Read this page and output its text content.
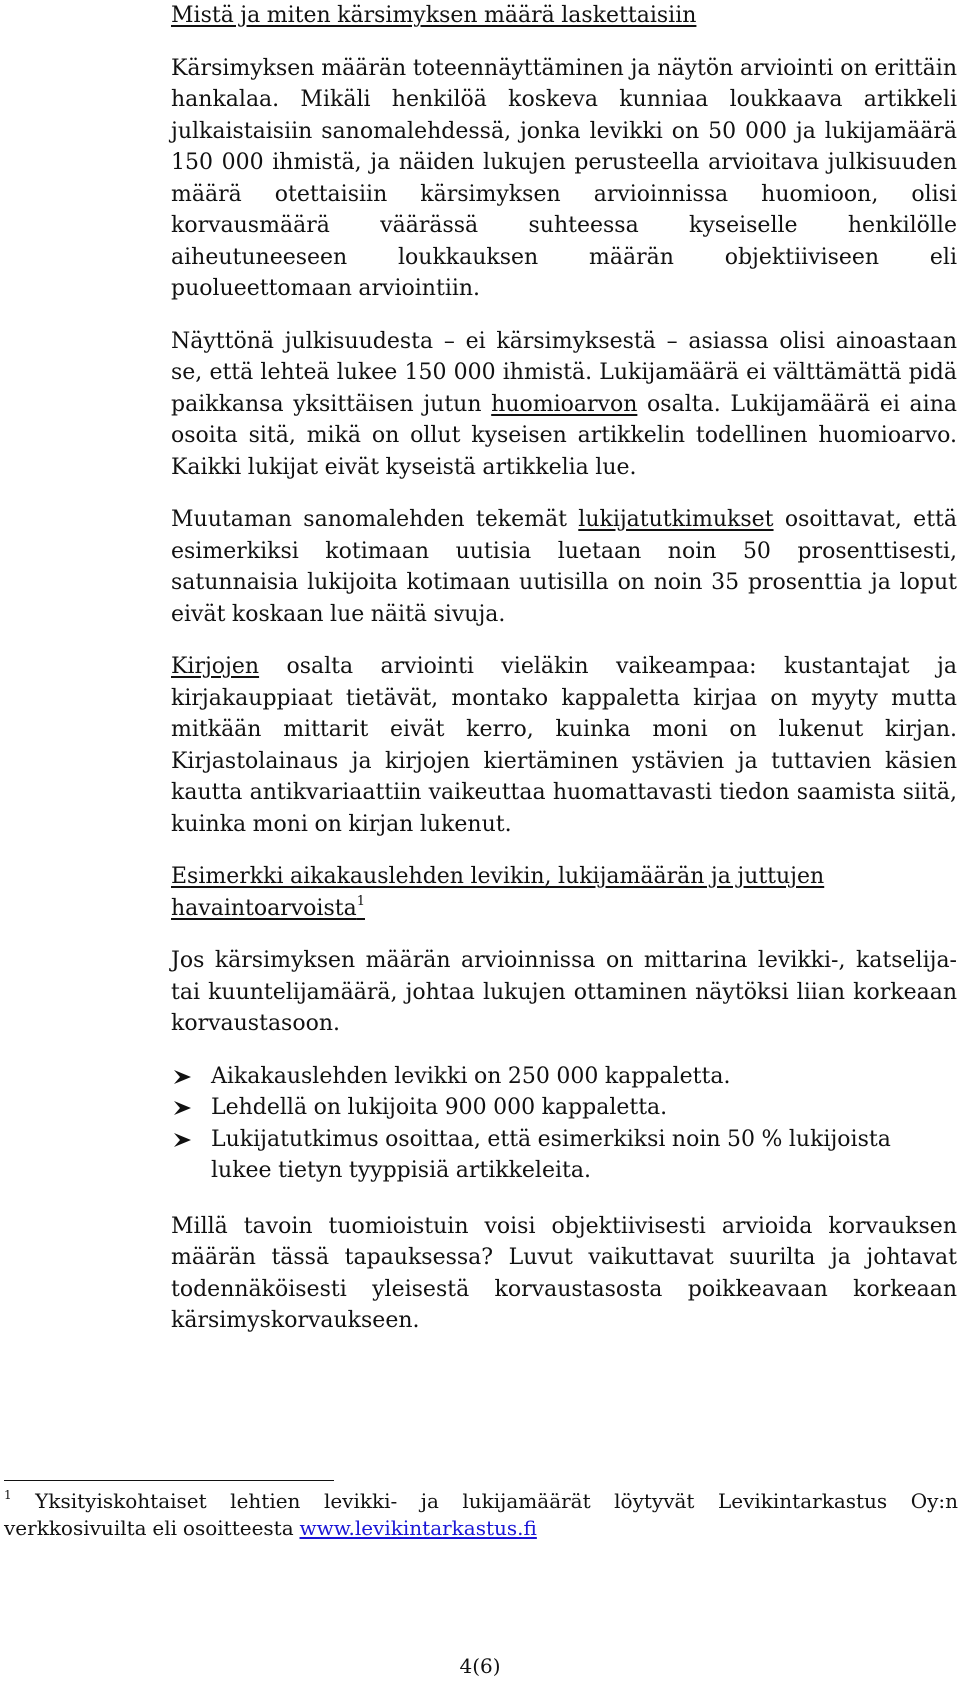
Mistä ja miten kärsimyksen määrä laskettaisiin

Kärsimyksen määrän toteennäyttäminen ja näytön arviointi on erittäin hankalaa. Mikäli henkilöä koskeva kunniaa loukkaava artikkeli julkaistaisiin sanomalehdessä, jonka levikki on 50 000 ja lukijamäärä 150 000 ihmistä, ja näiden lukujen perusteella arvioitava julkisuuden määrä otettaisiin kärsimyksen arvioinnissa huomioon, olisi korvausmäärä väärässä suhteessa kyseiselle henkilölle aiheutuneeseen loukkauksen määrän objektiiviseen eli puolueettomaan arviointiin.

Näyttönä julkisuudesta – ei kärsimyksestä – asiassa olisi ainoastaan se, että lehteä lukee 150 000 ihmistä. Lukijamäärä ei välttämättä pidä paikkansa yksittäisen jutun huomioarvon osalta. Lukijamäärä ei aina osoita sitä, mikä on ollut kyseisen artikkelin todellinen huomioarvo. Kaikki lukijat eivät kyseistä artikkelia lue.

Muutaman sanomalehden tekemät lukijatutkimukset osoittavat, että esimerkiksi kotimaan uutisia luetaan noin 50 prosenttisesti, satunnaisia lukijoita kotimaan uutisilla on noin 35 prosenttia ja loput eivät koskaan lue näitä sivuja.

Kirjojen osalta arviointi vieläkin vaikeampaa: kustantajat ja kirjakauppiaat tietävät, montako kappaletta kirjaa on myyty mutta mitkään mittarit eivät kerro, kuinka moni on lukenut kirjan. Kirjastolainaus ja kirjojen kiertäminen ystävien ja tuttavien käsien kautta antikvariaattiin vaikeuttaa huomattavasti tiedon saamista siitä, kuinka moni on kirjan lukenut.

Esimerkki aikakauslehden levikin, lukijamäärän ja juttujen havaintoarvoista$^1$

Jos kärsimyksen määrän arvioinnissa on mittarina levikki-, katselija- tai kuuntelijamäärä, johtaa lukujen ottaminen näytöksi liian korkeaan korvaustasoon.

Aikakauslehden levikki on 250 000 kappaletta.
Lehdellä on lukijoita 900 000 kappaletta.
Lukijatutkimus osoittaa, että esimerkiksi noin 50 % lukijoista lukee tietyn tyyppisiä artikkeleita.

Millä tavoin tuomioistuin voisi objektiivisesti arvioida korvauksen määrän tässä tapauksessa? Luvut vaikuttavat suurilta ja johtavat todennäköisesti yleisestä korvaustasosta poikkeavaan korkeaan kärsimyskorvaukseen.

$^1$ Yksityiskohtaiset lehtien levikki- ja lukijamäärät löytyvät Levikintarkastus Oy:n verkkosivuilta eli osoitteesta www.levikintarkastus.fi
4(6)
